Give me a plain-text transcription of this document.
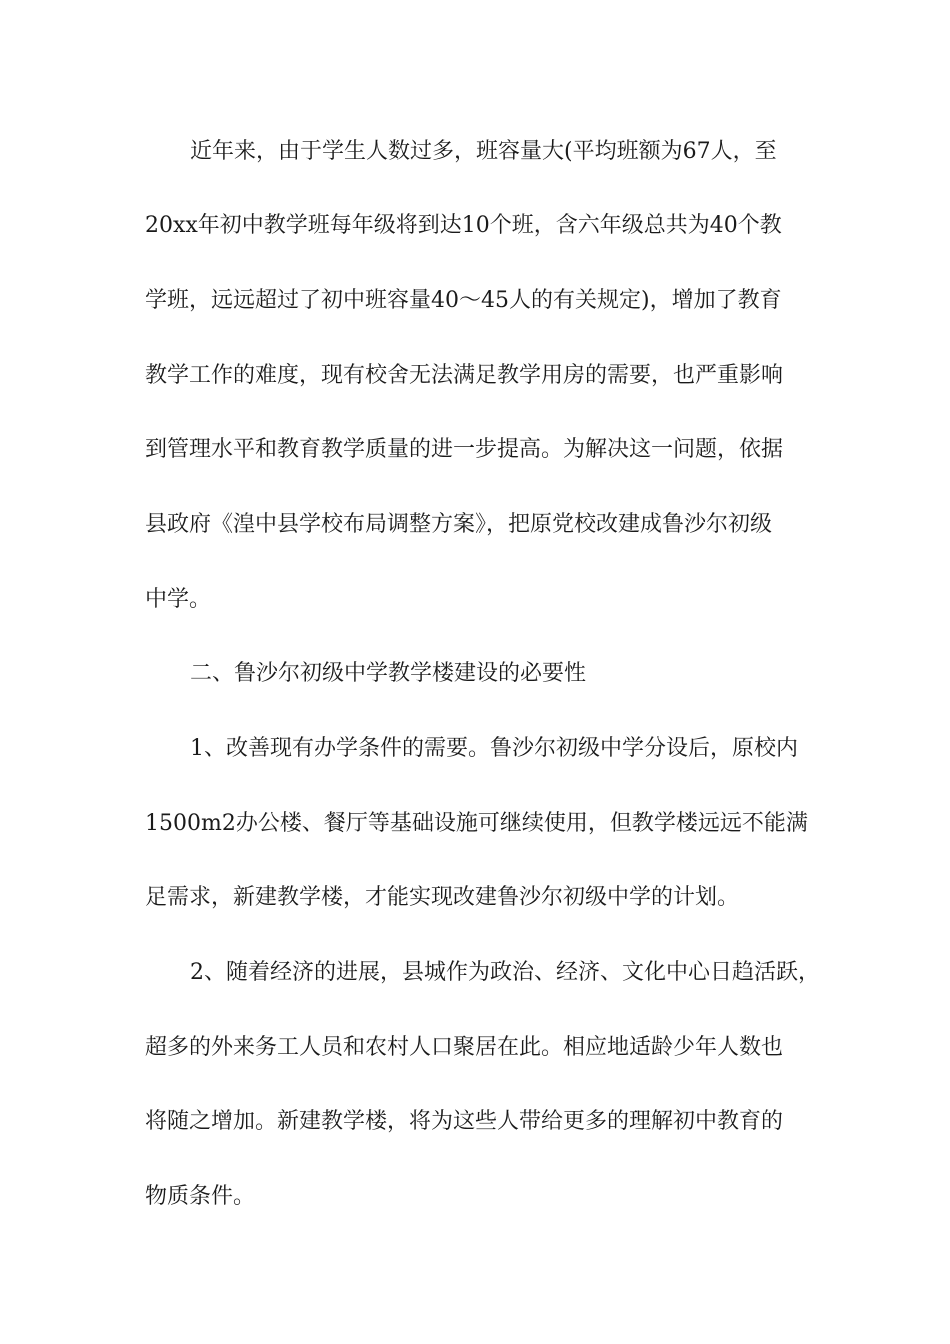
近年来，由于学生人数过多，班容量大(平均班额为67人，至
20xx年初中教学班每年级将到达10个班，含六年级总共为40个教
学班，远远超过了初中班容量40～45人的有关规定)，增加了教育
教学工作的难度，现有校舍无法满足教学用房的需要，也严重影响
到管理水平和教育教学质量的进一步提高。为解决这一问题，依据
县政府《湟中县学校布局调整方案》，把原党校改建成鲁沙尔初级
中学。
二、鲁沙尔初级中学教学楼建设的必要性
1、改善现有办学条件的需要。鲁沙尔初级中学分设后，原校内
1500m2办公楼、餐厅等基础设施可继续使用，但教学楼远远不能满
足需求，新建教学楼，才能实现改建鲁沙尔初级中学的计划。
2、随着经济的进展，县城作为政治、经济、文化中心日趋活跃，
超多的外来务工人员和农村人口聚居在此。相应地适龄少年人数也
将随之增加。新建教学楼，将为这些人带给更多的理解初中教育的
物质条件。
